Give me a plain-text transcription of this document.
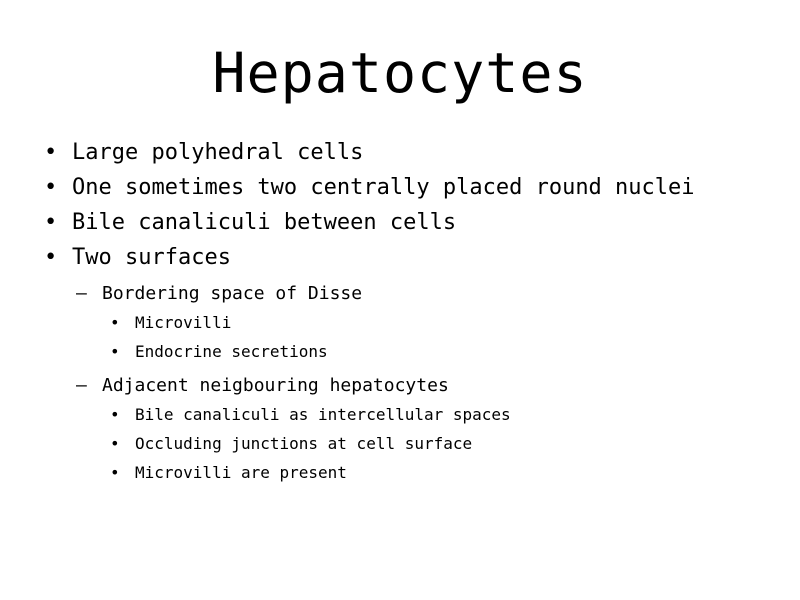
Hepatocytes
• Large polyhedral cells
• One sometimes two centrally placed round nuclei
• Bile canaliculi between cells
• Two surfaces
– Bordering space of Disse
• Microvilli
• Endocrine secretions
– Adjacent neigbouring hepatocytes
• Bile canaliculi as intercellular spaces
• Occluding junctions at cell surface
• Microvilli are present
